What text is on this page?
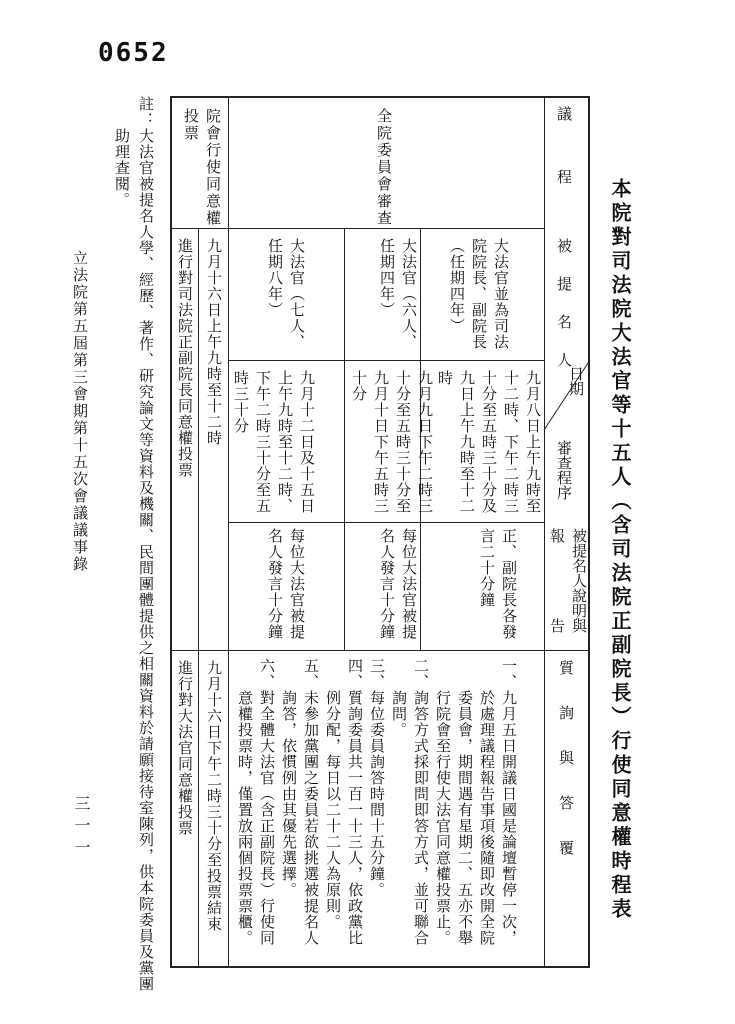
0652
本院對司法院大法官等十五人（含司法院正副院長）行使同意權時程表
議　　程
被　提　名　人
日期
審查程序
被提名人說明與
報　　　　　告
質　　詢　　與　　答　　覆
全院委員會審查
大法官並為司法
院院長、副院長
（任期四年）
九月八日上午九時至
十二時、下午二時三
十分至五時三十分及
九日上午九時至十二
時
正、副院長各發
言二十分鐘
大法官（六人、
任期四年）
九月九日下午二時三
十分至五時三十分至
九月十日下午五時三
十分
每位大法官被提
名人發言十分鐘
大法官（七人、
任期八年）
九月十二日及十五日
上午九時至十二時、
下午二時三十分至五
時三十分
每位大法官被提
名人發言十分鐘
一、九月五日開議日國是論壇暫停一次，
　　於處理議程報告事項後隨即改開全院
　　委員會，期間遇有星期二、五亦不舉
　　行院會至行使大法官同意權投票止。
二、詢答方式採即問即答方式，並可聯合
　　詢問。
三、每位委員詢答時間十五分鐘。
四、質詢委員共一百一十三人，依政黨比
　　例分配，每日以二十二人為原則。
五、未參加黨團之委員若欲挑選被提名人
　　詢答，依慣例由其優先選擇。
六、對全體大法官（含正副院長）行使同
　　意權投票時，僅置放兩個投票票櫃。
院會行使同意權
投票
九月十六日上午九時至十二時
進行對司法院正副院長同意權投票
九月十六日下午二時三十分至投票結束
進行對大法官同意權投票
註：大法官被提名人學、經歷、著作、研究論文等資料及機關、民間團體提供之相關資料於請願接待室陳列，供本院委員及黨團
　　助理查閱。
立法院第五屆第三會期第十五次會議議事錄
三一一
